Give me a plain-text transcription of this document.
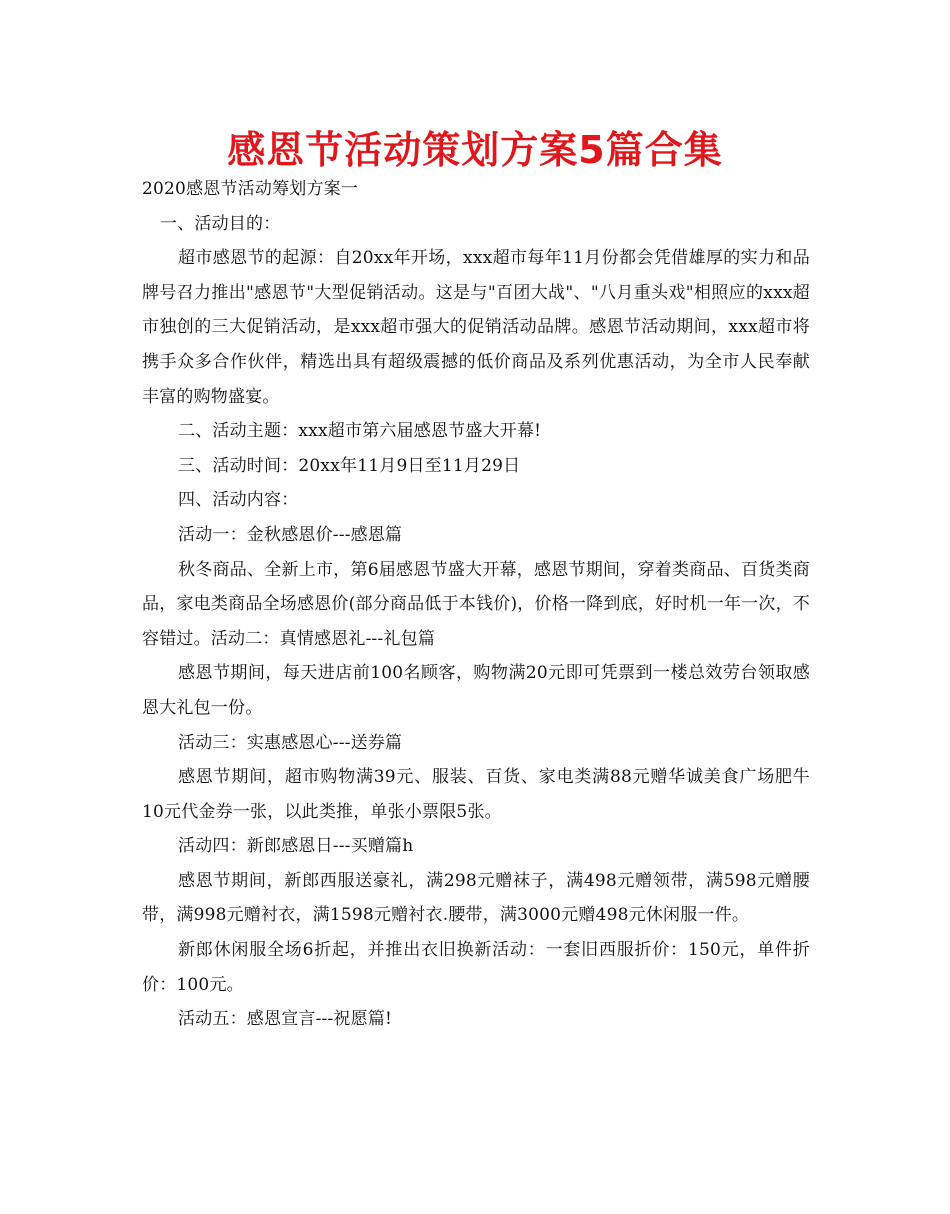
感恩节活动策划方案5篇合集

2020感恩节活动筹划方案一

一、活动目的：

超市感恩节的起源：自20xx年开场，xxx超市每年11月份都会凭借雄厚的实力和品牌号召力推出"感恩节"大型促销活动。这是与"百团大战"、"八月重头戏"相照应的xxx超市独创的三大促销活动，是xxx超市强大的促销活动品牌。感恩节活动期间，xxx超市将携手众多合作伙伴，精选出具有超级震撼的低价商品及系列优惠活动，为全市人民奉献丰富的购物盛宴。

二、活动主题：xxx超市第六届感恩节盛大开幕!

三、活动时间：20xx年11月9日至11月29日

四、活动内容：

活动一：金秋感恩价---感恩篇

秋冬商品、全新上市，第6届感恩节盛大开幕，感恩节期间，穿着类商品、百货类商品，家电类商品全场感恩价(部分商品低于本钱价)，价格一降到底，好时机一年一次，不容错过。活动二：真情感恩礼---礼包篇

感恩节期间，每天进店前100名顾客，购物满20元即可凭票到一楼总效劳台领取感恩大礼包一份。

活动三：实惠感恩心---送券篇

感恩节期间，超市购物满39元、服装、百货、家电类满88元赠华诚美食广场肥牛10元代金券一张，以此类推，单张小票限5张。

活动四：新郎感恩日---买赠篇h

感恩节期间，新郎西服送豪礼，满298元赠袜子，满498元赠领带，满598元赠腰带，满998元赠衬衣，满1598元赠衬衣.腰带，满3000元赠498元休闲服一件。

新郎休闲服全场6折起，并推出衣旧换新活动：一套旧西服折价：150元，单件折价：100元。

活动五：感恩宣言---祝愿篇!
